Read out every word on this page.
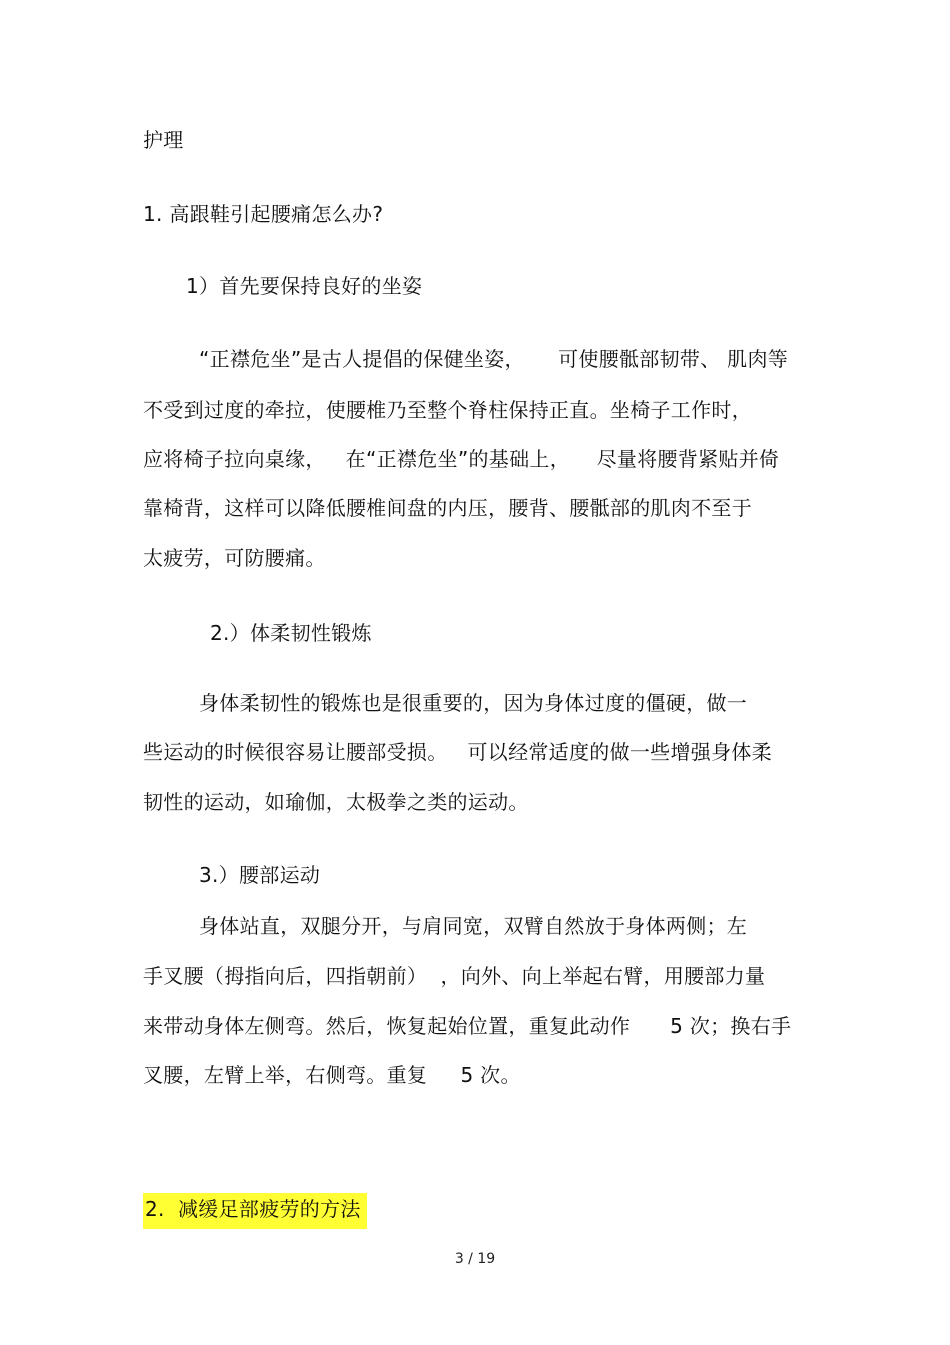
护理
1. 高跟鞋引起腰痛怎么办?
1）首先要保持良好的坐姿
“正襟危坐”是古人提倡的保健坐姿，     可使腰骶部韧带、 肌肉等
不受到过度的牵拉，使腰椎乃至整个脊柱保持正直。坐椅子工作时，
应将椅子拉向桌缘，   在“正襟危坐”的基础上，    尽量将腰背紧贴并倚
靠椅背，这样可以降低腰椎间盘的内压，腰背、腰骶部的肌肉不至于
太疲劳，可防腰痛。
2.）体柔韧性锻炼
身体柔韧性的锻炼也是很重要的，因为身体过度的僵硬，做一
些运动的时候很容易让腰部受损。   可以经常适度的做一些增强身体柔
韧性的运动，如瑜伽，太极拳之类的运动。
3.）腰部运动
身体站直，双腿分开，与肩同宽，双臂自然放于身体两侧；左
手叉腰（拇指向后，四指朝前）  ，向外、向上举起右臂，用腰部力量
来带动身体左侧弯。然后，恢复起始位置，重复此动作      5 次；换右手
叉腰，左臂上举，右侧弯。重复     5 次。
2.  减缓足部疲劳的方法
3 / 19
